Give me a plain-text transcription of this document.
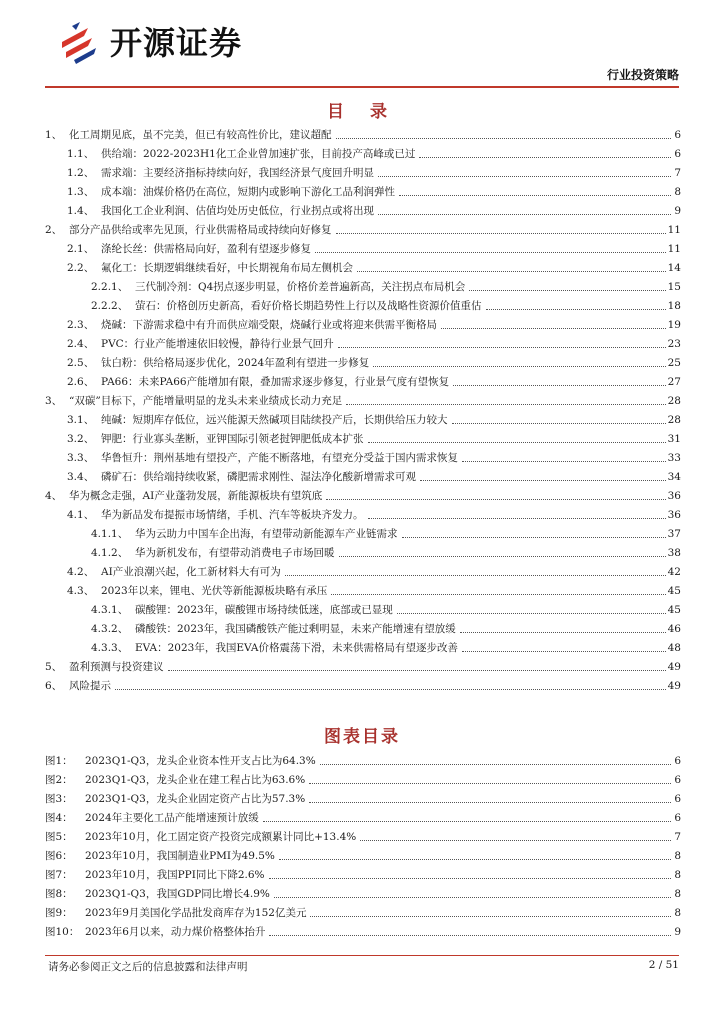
开源证券
行业投资策略
目 录
1、 化工周期见底，虽不完美，但已有较高性价比，建议超配	6
1.1、 供给端：2022-2023H1化工企业曾加速扩张，目前投产高峰或已过	6
1.2、 需求端：主要经济指标持续向好，我国经济景气度回升明显	7
1.3、 成本端：油煤价格仍在高位，短期内或影响下游化工品利润弹性	8
1.4、 我国化工企业利润、估值均处历史低位，行业拐点或将出现	9
2、 部分产品供给或率先见顶，行业供需格局或持续向好修复	11
2.1、 涤纶长丝：供需格局向好，盈利有望逐步修复	11
2.2、 氟化工：长期逻辑继续看好，中长期视角布局左侧机会	14
2.2.1、 三代制冷剂：Q4拐点逐步明显，价格价差普遍新高，关注拐点布局机会	15
2.2.2、 萤石：价格创历史新高，看好价格长期趋势性上行以及战略性资源价值重估	18
2.3、 烧碱：下游需求稳中有升而供应端受限，烧碱行业或将迎来供需平衡格局	19
2.4、 PVC：行业产能增速依旧较慢，静待行业景气回升	23
2.5、 钛白粉：供给格局逐步优化，2024年盈利有望进一步修复	25
2.6、 PA66：未来PA66产能增加有限，叠加需求逐步修复，行业景气度有望恢复	27
3、 “双碳”目标下，产能增量明显的龙头未来业绩成长动力充足	28
3.1、 纯碱：短期库存低位，远兴能源天然碱项目陆续投产后，长期供给压力较大	28
3.2、 钾肥：行业寡头垄断，亚钾国际引领老挝钾肥低成本扩张	31
3.3、 华鲁恒升：荆州基地有望投产，产能不断落地，有望充分受益于国内需求恢复	33
3.4、 磷矿石：供给端持续收紧，磷肥需求刚性、湿法净化酸新增需求可观	34
4、 华为概念走强，AI产业蓬勃发展，新能源板块有望筑底	36
4.1、 华为新品发布提振市场情绪，手机、汽车等板块齐发力。	36
4.1.1、 华为云助力中国车企出海，有望带动新能源车产业链需求	37
4.1.2、 华为新机发布，有望带动消费电子市场回暖	38
4.2、 AI产业浪潮兴起，化工新材料大有可为	42
4.3、 2023年以来，锂电、光伏等新能源板块略有承压	45
4.3.1、 碳酸锂：2023年，碳酸锂市场持续低迷，底部或已显现	45
4.3.2、 磷酸铁：2023年，我国磷酸铁产能过剩明显，未来产能增速有望放缓	46
4.3.3、 EVA：2023年，我国EVA价格震荡下滑，未来供需格局有望逐步改善	48
5、 盈利预测与投资建议	49
6、 风险提示	49
图表目录
图1：	2023Q1-Q3，龙头企业资本性开支占比为64.3%	6
图2：	2023Q1-Q3，龙头企业在建工程占比为63.6%	6
图3：	2023Q1-Q3，龙头企业固定资产占比为57.3%	6
图4：	2024年主要化工品产能增速预计放缓	6
图5：	2023年10月，化工固定资产投资完成额累计同比+13.4%	7
图6：	2023年10月，我国制造业PMI为49.5%	8
图7：	2023年10月，我国PPI同比下降2.6%	8
图8：	2023Q1-Q3，我国GDP同比增长4.9%	8
图9：	2023年9月美国化学品批发商库存为152亿美元	8
图10： 2023年6月以来，动力煤价格整体抬升	9
请务必参阅正文之后的信息披露和法律声明	2 / 51
